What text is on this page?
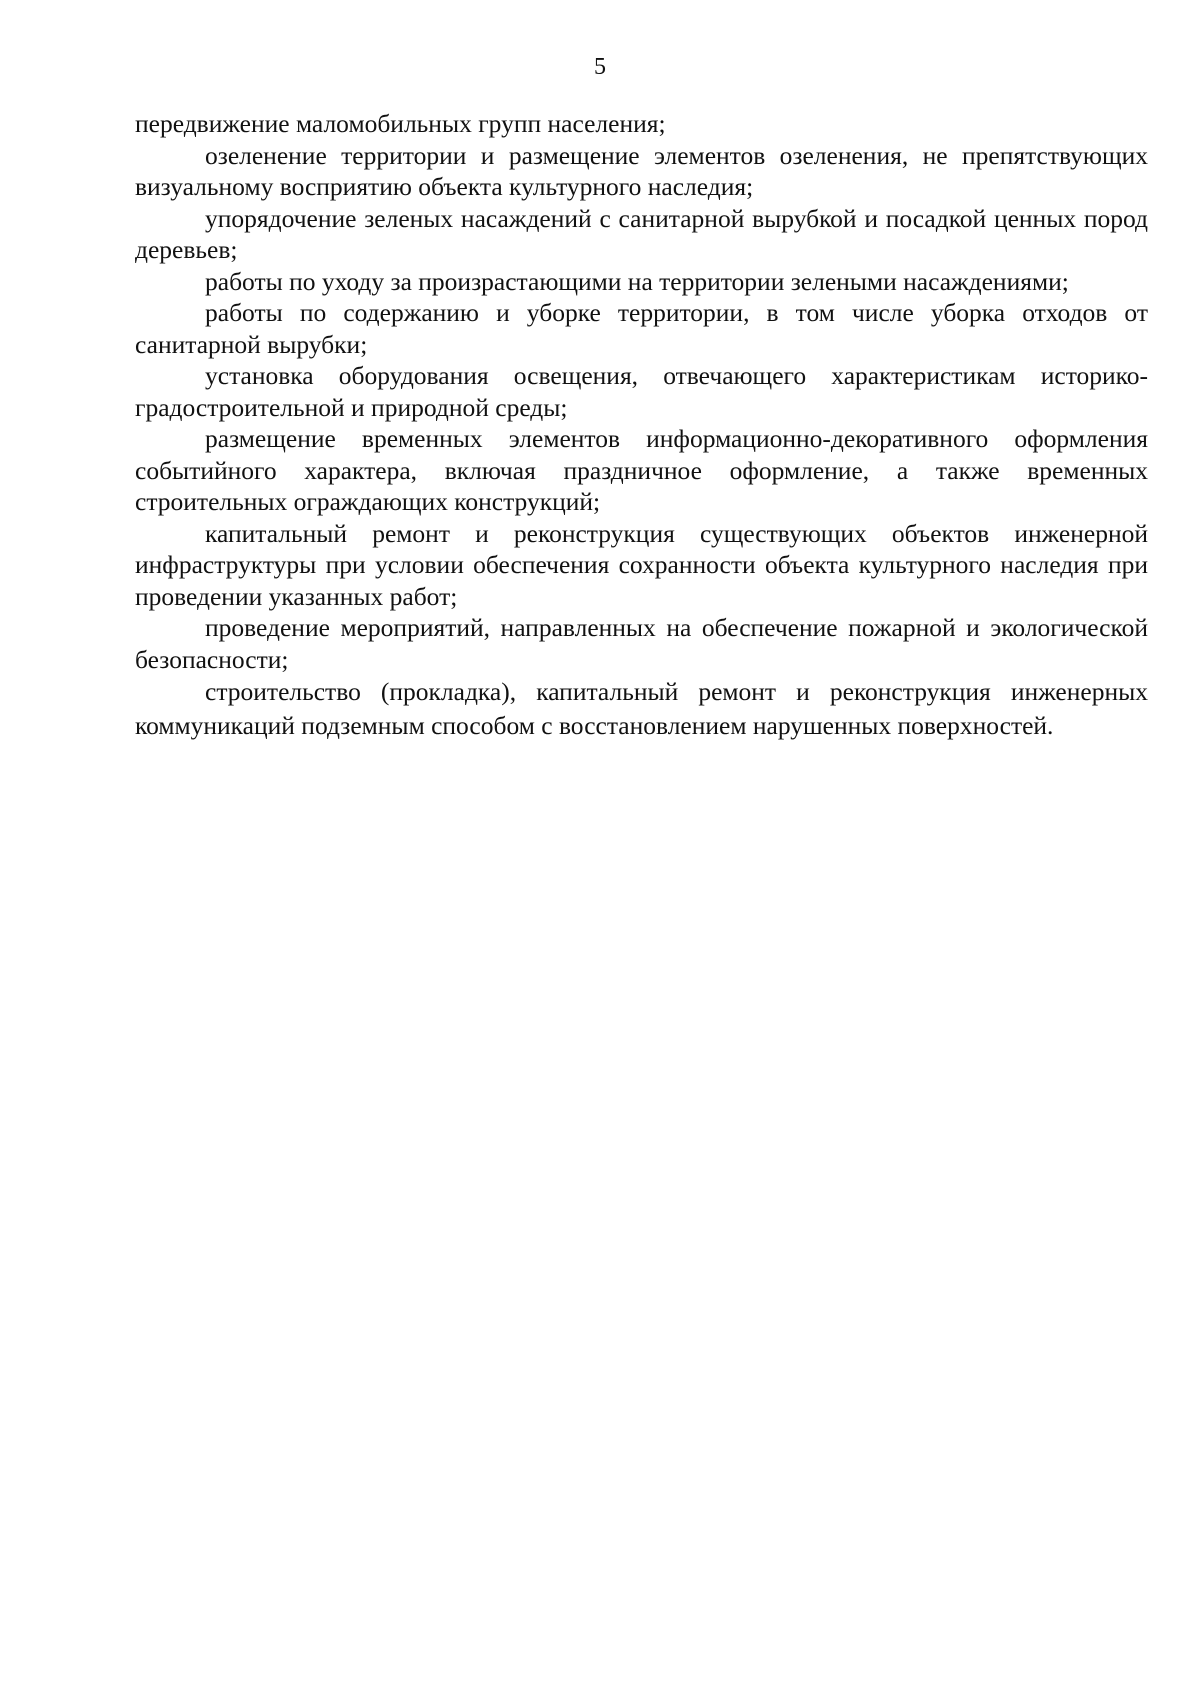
5

передвижение маломобильных групп населения;

озеленение территории и размещение элементов озеленения, не препятствующих визуальному восприятию объекта культурного наследия;

упорядочение зеленых насаждений с санитарной вырубкой и посадкой ценных пород деревьев;

работы по уходу за произрастающими на территории зелеными насаждениями;

работы по содержанию и уборке территории, в том числе уборка отходов от санитарной вырубки;

установка оборудования освещения, отвечающего характеристикам историко-градостроительной и природной среды;

размещение временных элементов информационно-декоративного оформления событийного характера, включая праздничное оформление, а также временных строительных ограждающих конструкций;

капитальный ремонт и реконструкция существующих объектов инженерной инфраструктуры при условии обеспечения сохранности объекта культурного наследия при проведении указанных работ;

проведение мероприятий, направленных на обеспечение пожарной и экологической безопасности;

строительство (прокладка), капитальный ремонт и реконструкция инженерных коммуникаций подземным способом с восстановлением нарушенных поверхностей.
